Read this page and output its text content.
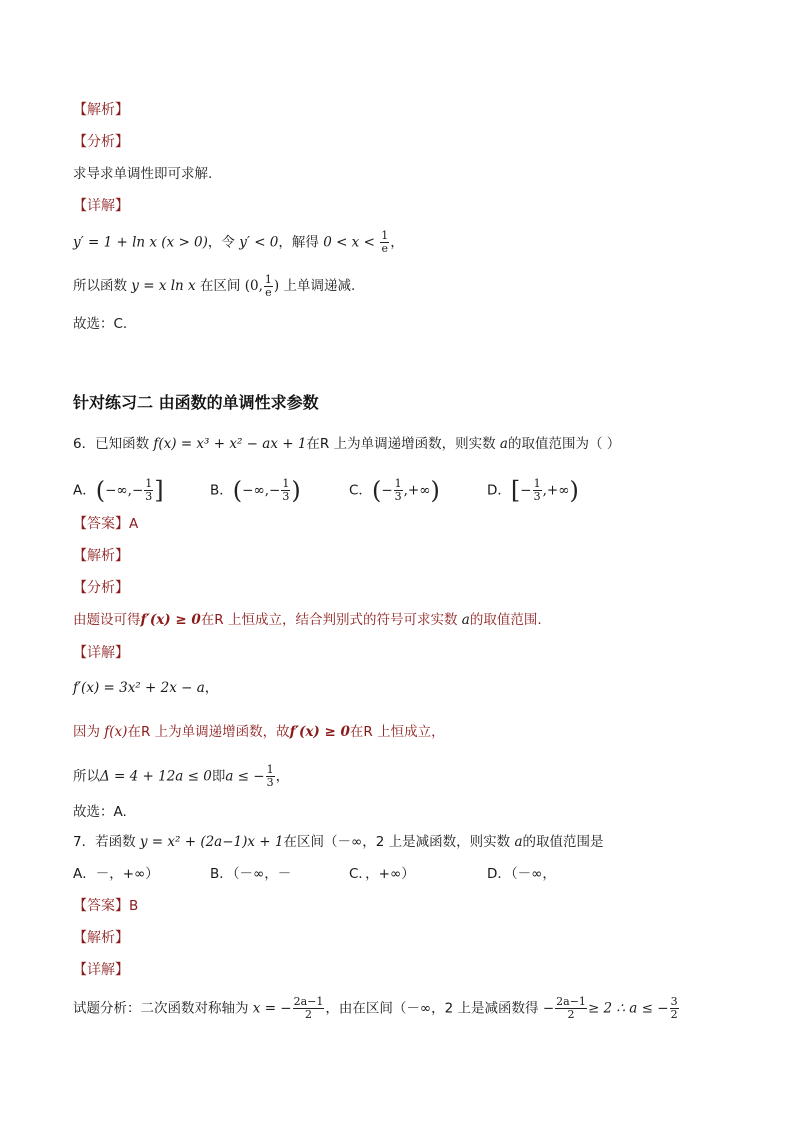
【解析】
【分析】
求导求单调性即可求解.
【详解】
y′ = 1 + ln x (x > 0)，令 y′ < 0，解得 $0 < x < \frac{1}{e}$ ，
所以函数 y = x ln x 在区间 (0, $\frac{1}{e}$ ) 上单调递减.
故选：C.
针对练习二 由函数的单调性求参数
6．已知函数 f(x) = x³ + x² − ax + 1在R 上为单调递增函数，则实数 a的取值范围为（ ）
A．(−∞,− $\frac{1}{3}$ ]	B．(−∞,− $\frac{1}{3}$ )	C．(− $\frac{1}{3}$ ,+∞)	D．[− $\frac{1}{3}$ ,+∞)
【答案】A
【解析】
【分析】
由题设可得f′(x) ≥ 0在R 上恒成立，结合判别式的符号可求实数 a的取值范围.
【详解】
f′(x) = 3x² + 2x − a，
因为 f(x)在R 上为单调递增函数，故f′(x) ≥ 0在R 上恒成立，
所以Δ = 4 + 12a ≤ 0即a ≤ − $\frac{1}{3}$ ，
故选：A.
7．若函数 y = x² + (2a−1)x + 1在区间（－∞，2 上是减函数，则实数 a的取值范围是
A．－，+∞）	B．（－∞，－	C．，+∞）	D．（－∞，
【答案】B
【解析】
【详解】
试题分析：二次函数对称轴为 x = − $\frac{2a-1}{2}$ ，由在区间（－∞，2 上是减函数得 − $\frac{2a-1}{2} \ge 2$ ∴ a ≤ − $\frac{3}{2}$
